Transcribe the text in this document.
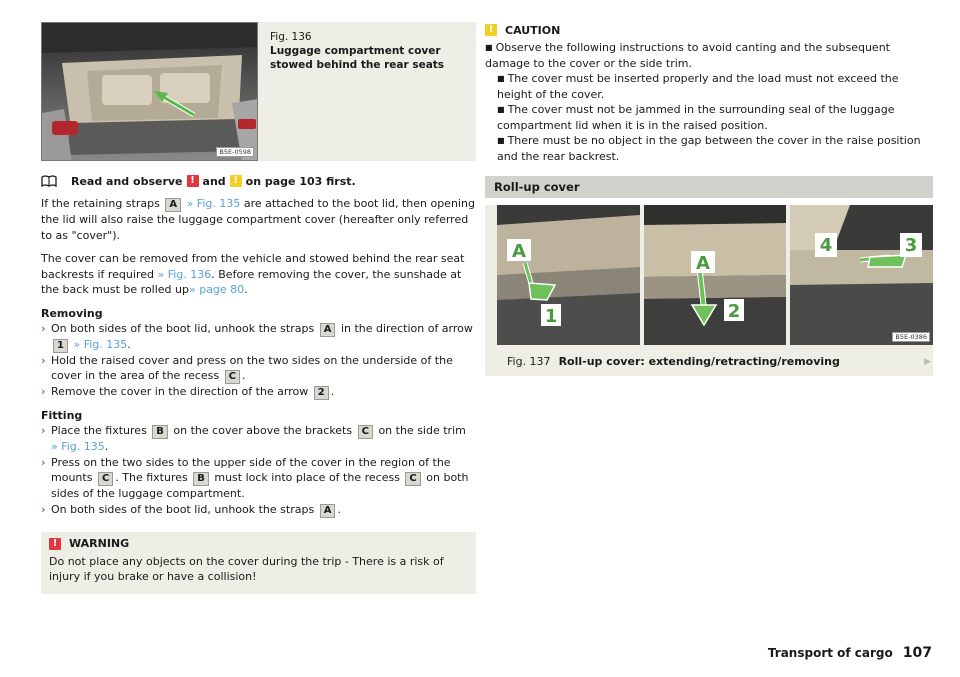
B5E-0598
Fig. 136
Luggage compartment cover stowed behind the rear seats
Read and observe ! and ! on page 103 first.

If the retaining straps A » Fig. 135 are attached to the boot lid, then opening the lid will also raise the luggage compartment cover (hereafter only referred to as "cover").

The cover can be removed from the vehicle and stowed behind the rear seat backrests if required » Fig. 136. Before removing the cover, the sunshade at the back must be rolled up» page 80.

Removing
› On both sides of the boot lid, unhook the straps A in the direction of arrow 1 » Fig. 135.
› Hold the raised cover and press on the two sides on the underside of the cover in the area of the recess C .
› Remove the cover in the direction of the arrow 2 .
Fitting
› Place the fixtures B on the cover above the brackets C on the side trim » Fig. 135.
› Press on the two sides to the upper side of the cover in the region of the mounts C . The fixtures B must lock into place of the recess C on both sides of the luggage compartment.
› On both sides of the boot lid, unhook the straps A .
!	WARNING
Do not place any objects on the cover during the trip - There is a risk of injury if you brake or have a collision!
!	CAUTION
■ Observe the following instructions to avoid canting and the subsequent damage to the cover or the side trim.
■ The cover must be inserted properly and the load must not exceed the height of the cover.
■ The cover must not be jammed in the surrounding seal of the luggage compartment lid when it is in the raised position.
■ There must be no object in the gap between the cover in the raise position and the rear backrest.
Roll-up cover
A
1
A
2
4	3
B5E-0386
Fig. 137 Roll-up cover: extending/retracting/removing	▶
Transport of cargo 107
